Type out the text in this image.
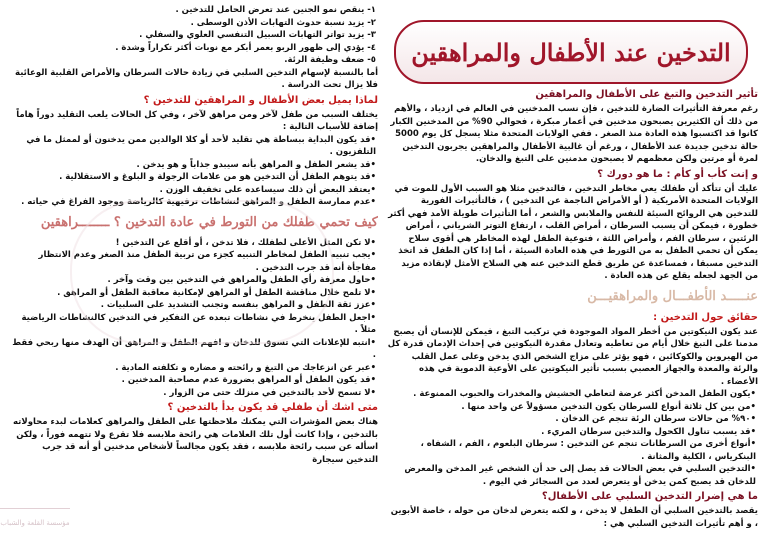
١- ينقص نمو الجنين عند تعرض الحامل للتدخين .
٢- يزيد نسبة حدوث التهابات الأذن الوسطى .
٣- يزيد تواتر التهابات السبيل التنفسي العلوي والسفلي .
٤- يؤدي إلى ظهور الربو بعمر أبكر مع نوبات أكثر تكراراً وشدة .
٥- ضعف وظيفة الرئة.

أما بالنسبة لإسهام التدخين السلبي في زيادة حالات السرطان والأمراض القلبية الوعائية فلا يزال تحت الدراسة .

لماذا يميل بعض الأطفال و المراهقين للتدخين ؟

يختلف السبب من طفل لآخر ومن مراهق لآخر ، وفي كل الحالات يلعب التقليد دوراً هاماً إضافة للأسباب التالية :

•قد يكون البداية ببساطة هي تقليد لأحد أو كلا الوالدين ممن يدخنون أو لممثل ما في التلفزيون .
•قد يشعر الطفل و المراهق بأنه سيبدو جذاباً و هو يدخن .
•قد يتوهم الطفل أن التدخين هو من علامات الرجولة و البلوغ و الاستقلالية .
•يعتقد البعض أن ذلك سيساعده على تخفيف الوزن .
•عدم ممارسة الطفل و المراهق لنشاطات ترفيهية كالرياضة ووجود الفراغ في حياته .
كيف تحمي طفلك من التورط في عادة التدخين ؟ ــــــــراهقين
•لا تكن المثل الأعلى لطفلك ، فلا تدخن ، أو أقلع عن التدخين !
•يجب تنبيه الطفل لمخاطر التنبيه كجزء من تربية الطفل منذ الصغر وعدم الانتظار مفاجأة أنه قد جرب التدخين .
•حاول معرفة رأي الطفل والمراهق في التدخين بين وقت وآخر .
•لا تلمح خلال مناقشة الطفل أو المراهق لإمكانية معاقبة الطفل أو المراهق .
•عزز ثقة الطفل و المراهق بنفسه وتجنب التشديد على السلبيات .
•اجعل الطفل ينخرط في نشاطات تبعده عن التفكير في التدخين كالنشاطات الرياضية مثلاً .
•انتبه للإعلانات التي تسوق للدخان و افهم الطفل و المراهق أن الهدف منها ربحي فقط .
•عبر عن انزعاجك من التبغ و رائحته و مضاره و تكلفته المادية .
•قد يكون الطفل أو المراهق بضرورة عدم مصاحبة المدخنين .
•لا تسمح لأحد بالتدخين في منزلك حتى من الزوار .
متى اشك أن طفلي قد يكون بدأ بالتدخين ؟

هناك بعض المؤشرات التي يمكنك ملاحظتها على الطفل والمراهق كعلامات لبدء محاولاته بالتدخين ، وإذا كانت أول تلك العلامات هي رائحة ملابسه فلا تقرع ولا تتهمه فوراً ، ولكن اسأله عن سبب رائحة ملابسه ، فقد يكون مجالساً لأشخاص مدخنين أو أنه قد جرب التدخين سيجارة

مؤسسة القلعة والشباب
التدخين عند الأطفال والمراهقين
تأثير التدخين والتبغ على الأطفال والمراهقين

رغم معرفة التأثيرات الضارة للتدخين ، فإن نسب المدخنين في العالم في ازدياد ، والأهم من ذلك أن الكثيرين يصبحون مدخنين في أعمار مبكرة ، فحوالي 90% من المدخنين الكبار كانوا قد اكتسبوا هذه العادة منذ الصغر . ففي الولايات المتحدة مثلا يسجل كل يوم 5000 حالة تدخين جديدة عند الأطفال ، ورغم أن غالبية الأطفال والمراهقين يجربون التدخين لمرة أو مرتين ولكن معظمهم لا يصبحون مدمنين على التبغ والدخان.

و إنت كأب أو كأم : ما هو دورك ؟

عليك أن تتأكد أن طفلك يعي مخاطر التدخين ، فالتدخين مثلا هو السبب الأول للموت في الولايات المتحدة الأمريكية ( أو الأمراض الناجمة عن التدخين ) ، فالتأثيرات الفورية للتدخين هي الروائح السيئة للنفس والملابس والشعر ، أما التأثيرات طويلة الأمد فهي أكثر خطورة ، فيمكن أن يسبب السرطان ، أمراض القلب ، ارتفاع التوتر الشرياني ، أمراض الرئتين ، سرطان الفم ، وأمراض اللثة ، فتوعية الطفل لهذه المخاطر هي أقوى سلاح يمكن أن تحمي الطفل به من التورط في هذه العادة السيئة ، أما إذا كان الطفل قد اتخذ التدخين مسبقا ، فمساعدة عن طريق قطع التدخين عنه هي السلاح الأمثل لإنقاذه مزيد من الجهد لجعله يقلع عن هذه العادة .

عنـــــد الأطفـــال والمراهقيـــن
حقائق حول التدخين :

عند يكون النيكوتين من أخطر المواد الموجودة في تركيب التبغ ، فيمكن للإنسان أن يصبح مدمنا على التبغ خلال أيام من تعاطيه وتعادل مقدرة النيكوتين في إحداث الإدمان قدرة كل من الهيروين والكوكائين ، فهو يؤثر على مزاج الشخص الذي يدخن وعلى عمل القلب والرئة والمعدة والجهاز العصبي بسبب تأثير النيكوتين على الأوعية الدموية في هذه الأعضاء .

•يكون الطفل المدخن أكثر عرضة لتعاطي الحشيش والمخدرات والحبوب الممنوعة .
•من بين كل ثلاثة أنواع للسرطان يكون التدخين مسؤولاً عن واحد منها .
•٩٠% من حالات سرطان الرئة تنجم عن الدخان .
•قد يسبب تناول الكحول والتدخين سرطان المريء .
•أنواع أخرى من السرطانات تنجم عن التدخين : سرطان البلعوم ، الفم ، الشفاه ، البنكرياس ، الكلية والمثانة .
•التدخين السلبي في بعض الحالات قد يصل إلى حد أن الشخص غير المدخن والمعرض للدخان قد يصبح كمن يدخن أو يتعرض لعدد من السجائر في اليوم .
ما هي إضرار التدخين السلبي على الأطفال؟

يقصد بالتدخين السلبي أن الطفل لا يدخن ، و لكنه يتعرض لدخان من حوله ، خاصة الأبوين ، و أهم تأثيرات التدخين السلبي هي :
